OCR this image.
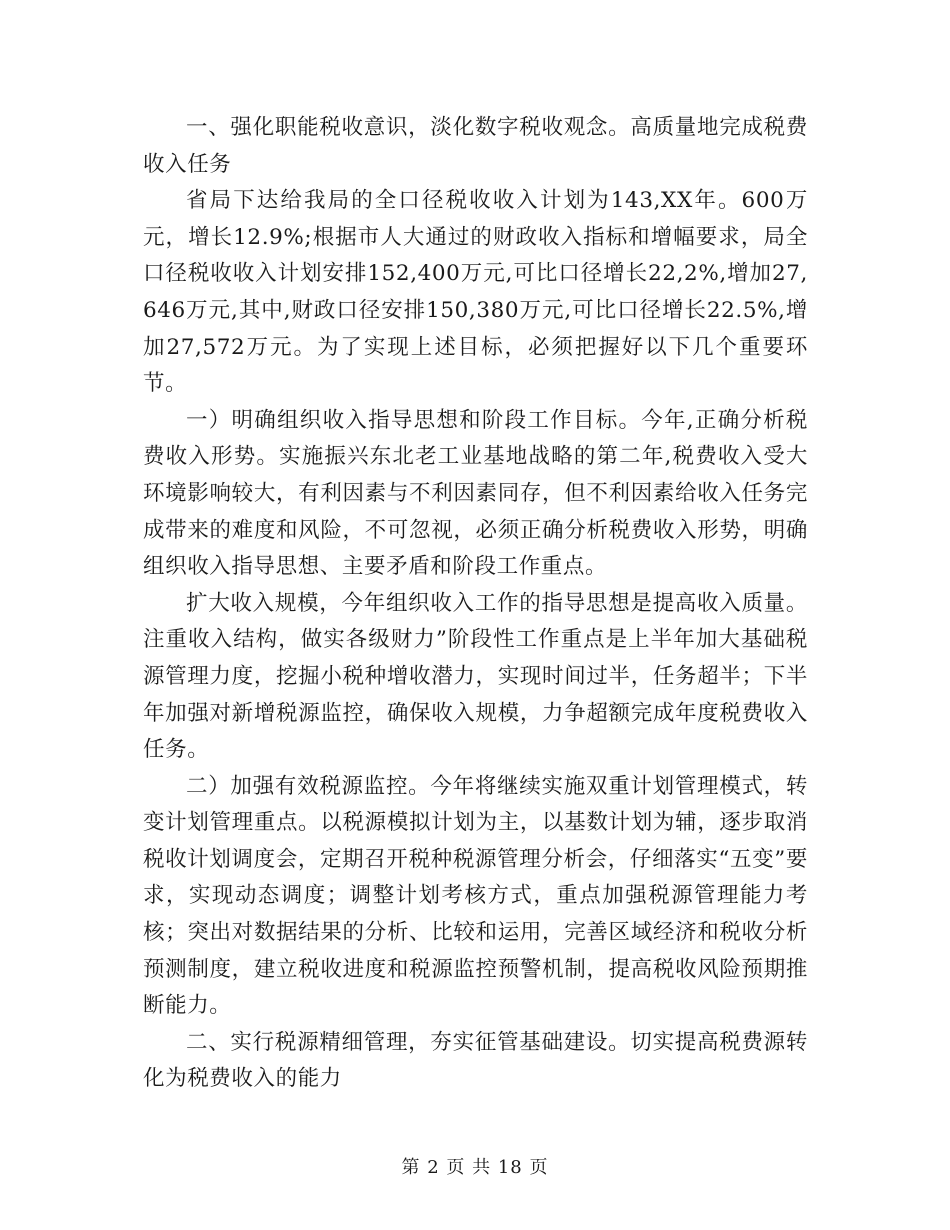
一、强化职能税收意识，淡化数字税收观念。高质量地完成税费收入任务

省局下达给我局的全口径税收收入计划为143,XX年。600万元，增长12.9%;根据市人大通过的财政收入指标和增幅要求，局全口径税收收入计划安排152,400万元,可比口径增长22,2%,增加27,646万元,其中,财政口径安排150,380万元,可比口径增长22.5%,增加27,572万元。为了实现上述目标，必须把握好以下几个重要环节。

一）明确组织收入指导思想和阶段工作目标。今年,正确分析税费收入形势。实施振兴东北老工业基地战略的第二年,税费收入受大环境影响较大，有利因素与不利因素同存，但不利因素给收入任务完成带来的难度和风险，不可忽视，必须正确分析税费收入形势，明确组织收入指导思想、主要矛盾和阶段工作重点。

扩大收入规模，今年组织收入工作的指导思想是提高收入质量。注重收入结构，做实各级财力”阶段性工作重点是上半年加大基础税源管理力度，挖掘小税种增收潜力，实现时间过半，任务超半；下半年加强对新增税源监控，确保收入规模，力争超额完成年度税费收入任务。

二）加强有效税源监控。今年将继续实施双重计划管理模式，转变计划管理重点。以税源模拟计划为主，以基数计划为辅，逐步取消税收计划调度会，定期召开税种税源管理分析会，仔细落实“五变”要求，实现动态调度；调整计划考核方式，重点加强税源管理能力考核；突出对数据结果的分析、比较和运用，完善区域经济和税收分析预测制度，建立税收进度和税源监控预警机制，提高税收风险预期推断能力。

二、实行税源精细管理，夯实征管基础建设。切实提高税费源转化为税费收入的能力

第 2 页 共 18 页
